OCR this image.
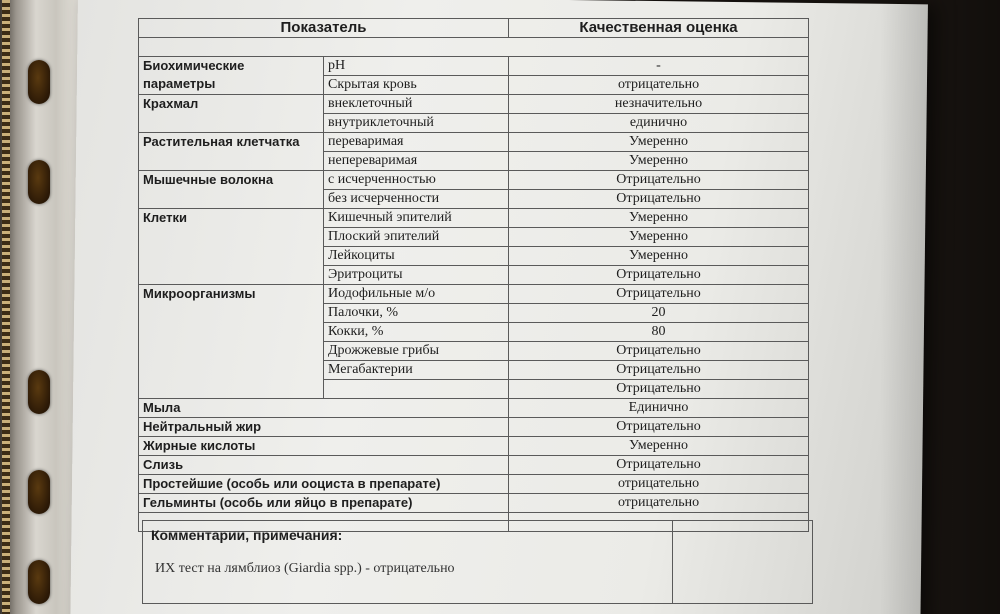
Показатель		Качественная оценка

Биохимические параметры	pH	-
	Скрытая кровь	отрицательно
Крахмал	внеклеточный	незначительно
	внутриклеточный	единично
Растительная клетчатка	переваримая	Умеренно
	непереваримая	Умеренно
Мышечные волокна	с исчерченностью	Отрицательно
	без исчерченности	Отрицательно
Клетки	Кишечный эпителий	Умеренно
	Плоский эпителий	Умеренно
	Лейкоциты	Умеренно
	Эритроциты	Отрицательно
Микроорганизмы	Иодофильные м/о	Отрицательно
	Палочки, %	20
	Кокки, %	80
	Дрожжевые грибы	Отрицательно
	Мегабактерии	Отрицательно
		Отрицательно
Мыла		Единично
Нейтральный жир		Отрицательно
Жирные кислоты		Умеренно
Слизь		Отрицательно
Простейшие (особь или ооциста в препарате)		отрицательно
Гельминты (особь или яйцо в препарате)		отрицательно

Комментарии, примечания:
ИХ тест на лямблиоз (Giardia spp.) - отрицательно
